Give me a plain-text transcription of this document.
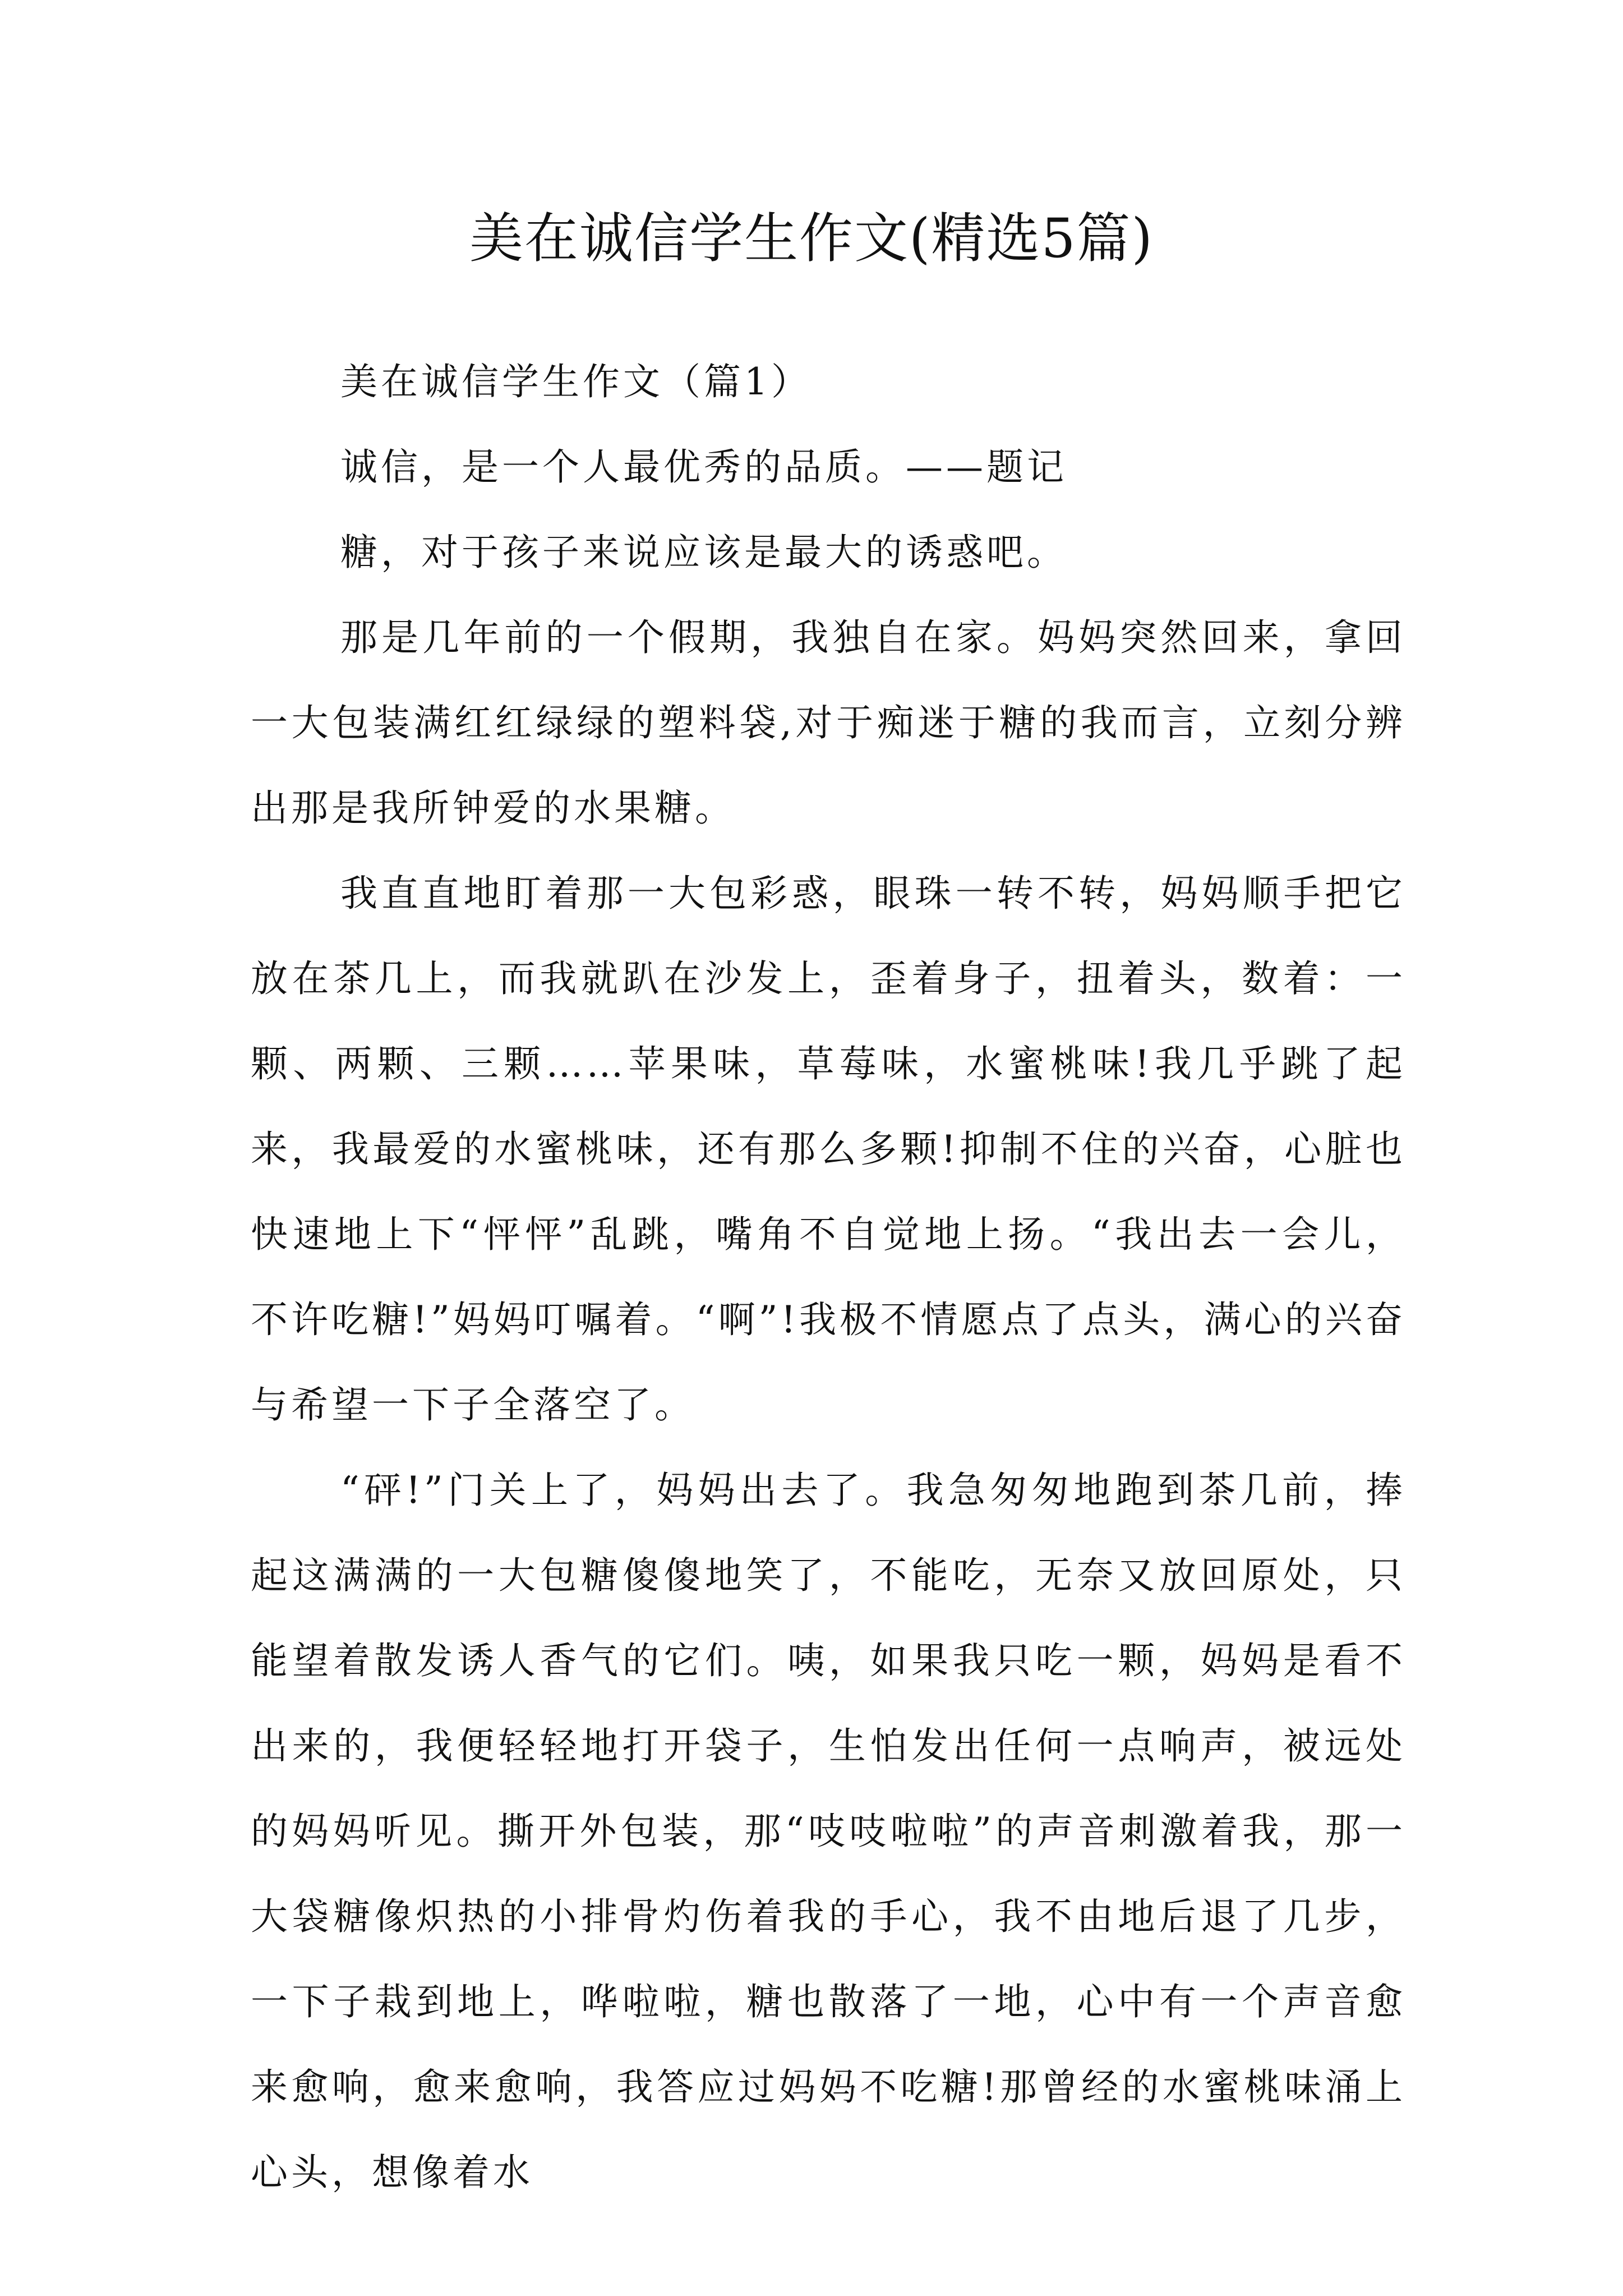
美在诚信学生作文(精选5篇)

美在诚信学生作文（篇1）

诚信，是一个人最优秀的品质。——题记

糖，对于孩子来说应该是最大的诱惑吧。

那是几年前的一个假期，我独自在家。妈妈突然回来，拿回一大包装满红红绿绿的塑料袋,对于痴迷于糖的我而言，立刻分辨出那是我所钟爱的水果糖。

我直直地盯着那一大包彩惑，眼珠一转不转，妈妈顺手把它放在茶几上，而我就趴在沙发上，歪着身子，扭着头，数着：一颗、两颗、三颗……苹果味，草莓味，水蜜桃味!我几乎跳了起来，我最爱的水蜜桃味，还有那么多颗!抑制不住的兴奋，心脏也快速地上下“怦怦”乱跳，嘴角不自觉地上扬。“我出去一会儿，不许吃糖!”妈妈叮嘱着。“啊”!我极不情愿点了点头，满心的兴奋与希望一下子全落空了。

“砰!”门关上了，妈妈出去了。我急匆匆地跑到茶几前，捧起这满满的一大包糖傻傻地笑了，不能吃，无奈又放回原处，只能望着散发诱人香气的它们。咦，如果我只吃一颗，妈妈是看不出来的，我便轻轻地打开袋子，生怕发出任何一点响声，被远处的妈妈听见。撕开外包装，那“吱吱啦啦”的声音刺激着我，那一大袋糖像炽热的小排骨灼伤着我的手心，我不由地后退了几步，一下子栽到地上，哗啦啦，糖也散落了一地，心中有一个声音愈来愈响，愈来愈响，我答应过妈妈不吃糖!那曾经的水蜜桃味涌上心头，想像着水
